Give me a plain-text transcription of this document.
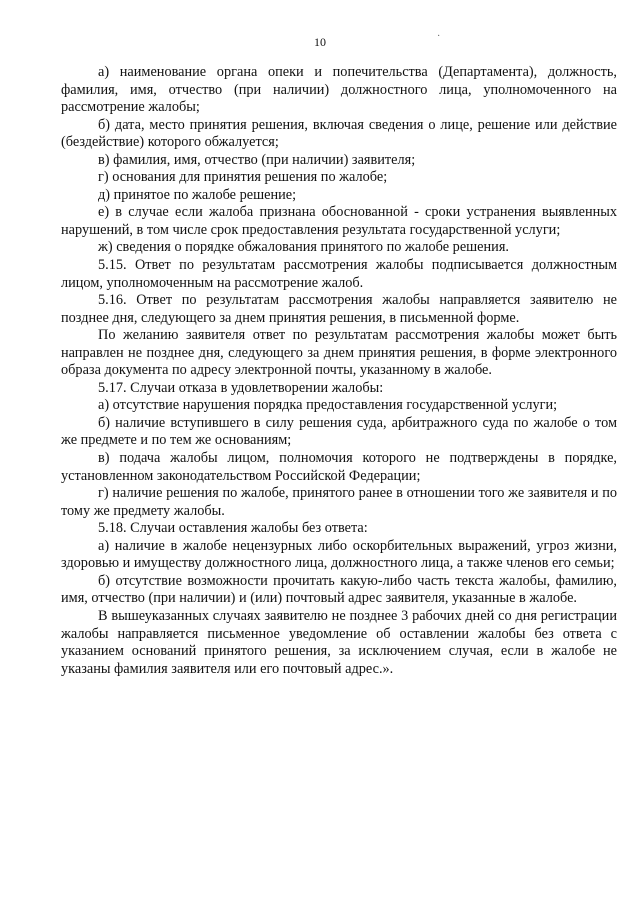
10	·

а) наименование органа опеки и попечительства (Департамента), должность, фамилия, имя, отчество (при наличии) должностного лица, уполномоченного на рассмотрение жалобы;

б) дата, место принятия решения, включая сведения о лице, решение или действие (бездействие) которого обжалуется;

в) фамилия, имя, отчество (при наличии) заявителя;

г) основания для принятия решения по жалобе;

д) принятое по жалобе решение;

е) в случае если жалоба признана обоснованной - сроки устранения выявленных нарушений, в том числе срок предоставления результата государственной услуги;

ж) сведения о порядке обжалования принятого по жалобе решения.

5.15. Ответ по результатам рассмотрения жалобы подписывается должностным лицом, уполномоченным на рассмотрение жалоб.

5.16. Ответ по результатам рассмотрения жалобы направляется заявителю не позднее дня, следующего за днем принятия решения, в письменной форме.

По желанию заявителя ответ по результатам рассмотрения жалобы может быть направлен не позднее дня, следующего за днем принятия решения, в форме электронного образа документа по адресу электронной почты, указанному в жалобе.

5.17. Случаи отказа в удовлетворении жалобы:

а) отсутствие нарушения порядка предоставления государственной услуги;

б) наличие вступившего в силу решения суда, арбитражного суда по жалобе о том же предмете и по тем же основаниям;

в) подача жалобы лицом, полномочия которого не подтверждены в порядке, установленном законодательством Российской Федерации;

г) наличие решения по жалобе, принятого ранее в отношении того же заявителя и по тому же предмету жалобы.

5.18. Случаи оставления жалобы без ответа:

а) наличие в жалобе нецензурных либо оскорбительных выражений, угроз жизни, здоровью и имуществу должностного лица, должностного лица, а также членов его семьи;

б) отсутствие возможности прочитать какую-либо часть текста жалобы, фамилию, имя, отчество (при наличии) и (или) почтовый адрес заявителя, указанные в жалобе.

В вышеуказанных случаях заявителю не позднее 3 рабочих дней со дня регистрации жалобы направляется письменное уведомление об оставлении жалобы без ответа с указанием оснований принятого решения, за исключением случая, если в жалобе не указаны фамилия заявителя или его почтовый адрес.».
